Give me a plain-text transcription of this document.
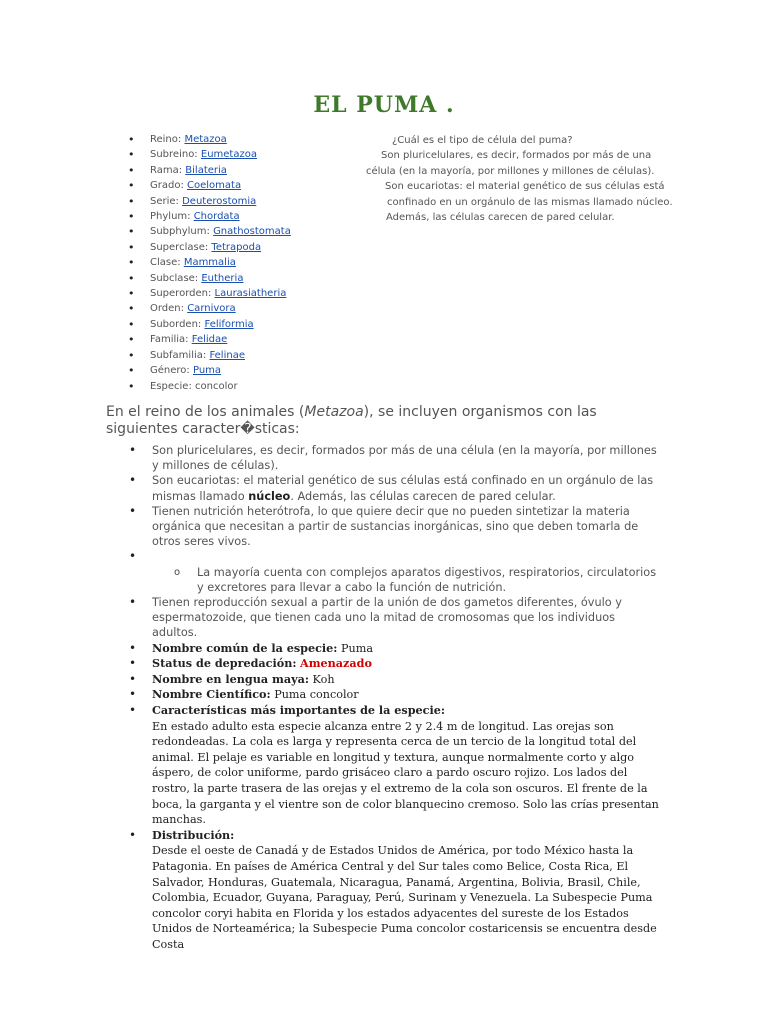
EL PUMA .
• Reino: Metazoa
• Subreino: Eumetazoa
• Rama: Bilateria
• Grado: Coelomata
• Serie: Deuterostomia
• Phylum: Chordata
• Subphylum: Gnathostomata
• Superclase: Tetrapoda
• Clase: Mammalia
• Subclase: Eutheria
• Superorden: Laurasiatheria
• Orden: Carnivora
• Suborden: Feliformia
• Familia: Felidae
• Subfamilia: Felinae
• Género: Puma
• Especie: concolor
¿Cuál es el tipo de célula del puma?
Son pluricelulares, es decir, formados por más de una
célula (en la mayoría, por millones y millones de células).
Son eucariotas: el material genético de sus células está
confinado en un orgánulo de las mismas llamado núcleo.
Además, las células carecen de pared celular.

En el reino de los animales (Metazoa), se incluyen organismos con las siguientes caracter�sticas:

• Son pluricelulares, es decir, formados por más de una célula (en la mayoría, por millones y millones de células).
• Son eucariotas: el material genético de sus células está confinado en un orgánulo de las mismas llamado núcleo. Además, las células carecen de pared celular.
• Tienen nutrición heterótrofa, lo que quiere decir que no pueden sintetizar la materia orgánica que necesitan a partir de sustancias inorgánicas, sino que deben tomarla de otros seres vivos.

o • La mayoría cuenta con complejos aparatos digestivos, respiratorios, circulatorios y excretores para llevar a cabo la función de nutrición.
• Tienen reproducción sexual a partir de la unión de dos gametos diferentes, óvulo y espermatozoide, que tienen cada uno la mitad de cromosomas que los individuos adultos.
• Nombre común de la especie: Puma
• Status de depredación: Amenazado
• Nombre en lengua maya: Koh
• Nombre Científico: Puma concolor
• Características más importantes de la especie:
En estado adulto esta especie alcanza entre 2 y 2.4 m de longitud. Las orejas son redondeadas. La cola es larga y representa cerca de un tercio de la longitud total del animal. El pelaje es variable en longitud y textura, aunque normalmente corto y algo áspero, de color uniforme, pardo grisáceo claro a pardo oscuro rojizo. Los lados del rostro, la parte trasera de las orejas y el extremo de la cola son oscuros. El frente de la boca, la garganta y el vientre son de color blanquecino cremoso. Solo las crías presentan manchas.
• Distribución:
Desde el oeste de Canadá y de Estados Unidos de América, por todo México hasta la Patagonia. En países de América Central y del Sur tales como Belice, Costa Rica, El Salvador, Honduras, Guatemala, Nicaragua, Panamá, Argentina, Bolivia, Brasil, Chile, Colombia, Ecuador, Guyana, Paraguay, Perú, Surinam y Venezuela. La Subespecie Puma concolor coryi habita en Florida y los estados adyacentes del sureste de los Estados Unidos de Norteamérica; la Subespecie Puma concolor costaricensis se encuentra desde Costa
